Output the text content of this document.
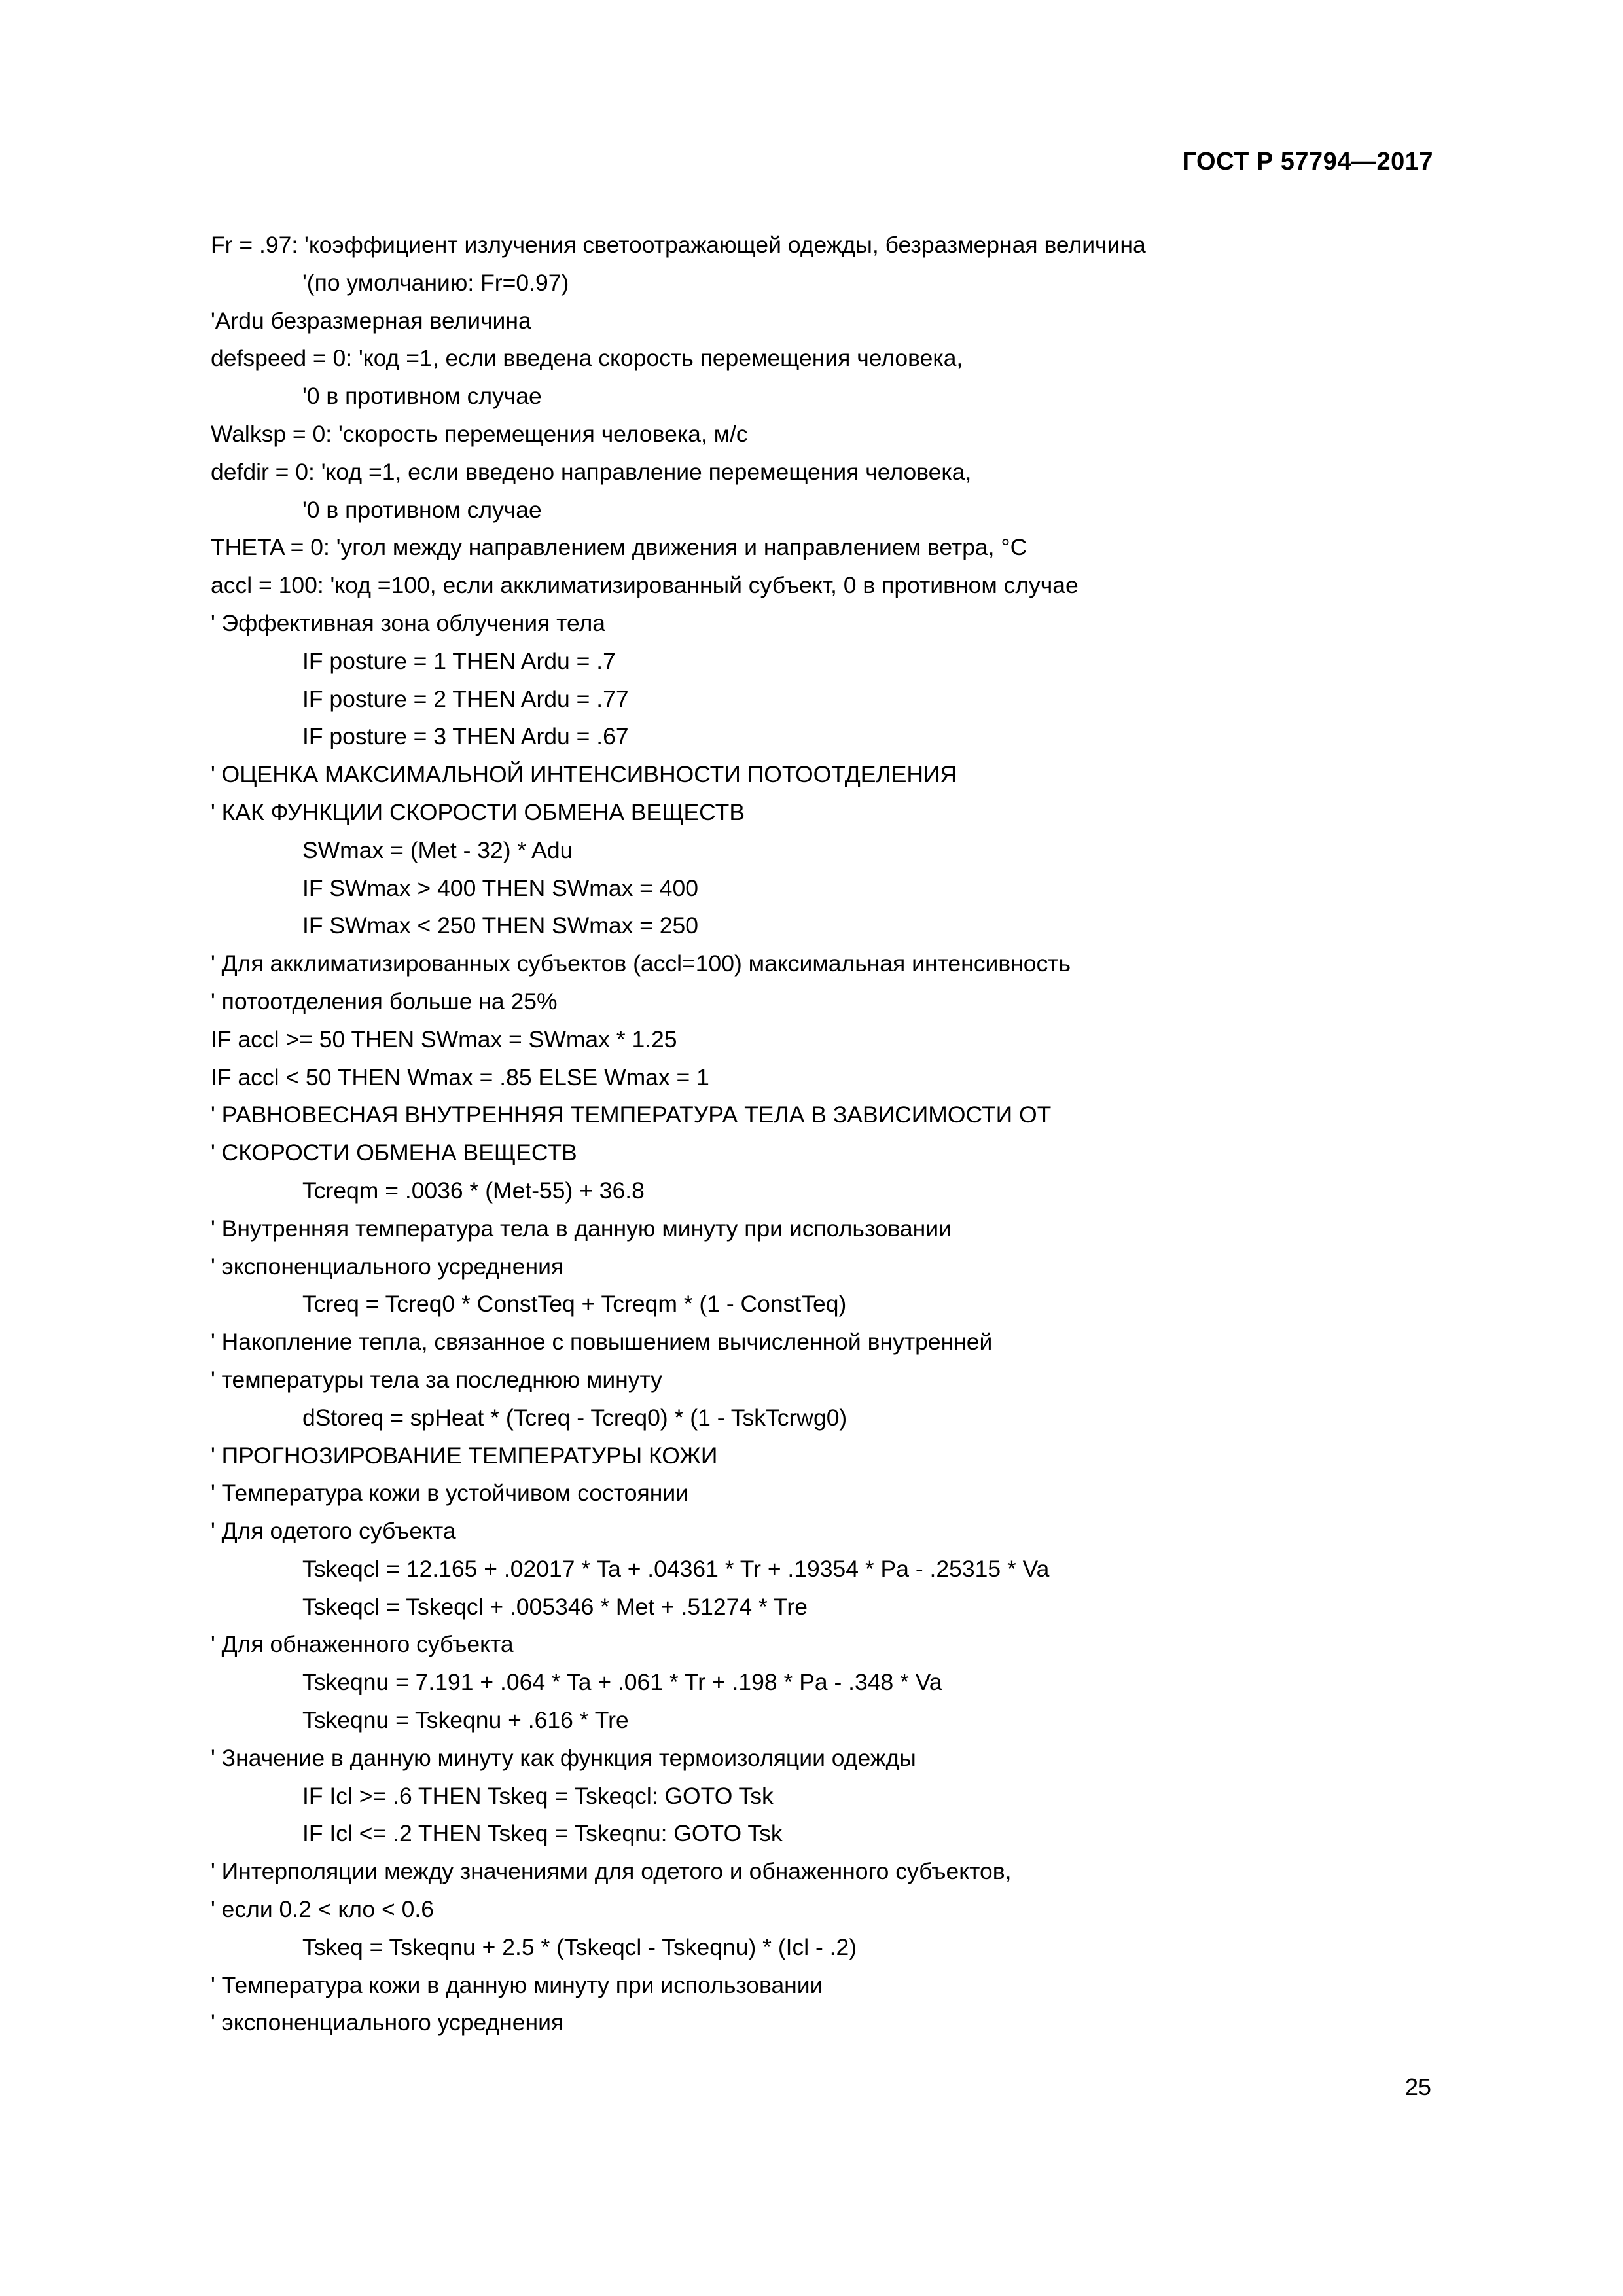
ГОСТ Р 57794—2017
Fr = .97: 'коэффициент излучения светоотражающей одежды, безразмерная величина
'(по умолчанию: Fr=0.97)
'Ardu безразмерная величина
defspeed = 0: 'код =1, если введена скорость перемещения человека,
'0 в противном случае
Walksp = 0: 'скорость перемещения человека, м/с
defdir = 0: 'код =1, если введено направление перемещения человека,
'0 в противном случае
THETA = 0: 'угол между направлением движения и направлением ветра, °C
accl = 100: 'код =100, если акклиматизированный субъект, 0 в противном случае
' Эффективная зона облучения тела
IF posture = 1 THEN Ardu = .7
IF posture = 2 THEN Ardu = .77
IF posture = 3 THEN Ardu = .67
' ОЦЕНКА МАКСИМАЛЬНОЙ ИНТЕНСИВНОСТИ ПОТООТДЕЛЕНИЯ
' КАК ФУНКЦИИ СКОРОСТИ ОБМЕНА ВЕЩЕСТВ
SWmax = (Met - 32) * Adu
IF SWmax > 400 THEN SWmax = 400
IF SWmax < 250 THEN SWmax = 250
' Для акклиматизированных субъектов (accl=100) максимальная интенсивность
' потоотделения больше на 25%
IF accl >= 50 THEN SWmax = SWmax * 1.25
IF accl < 50 THEN Wmax = .85 ELSE Wmax = 1
' РАВНОВЕСНАЯ ВНУТРЕННЯЯ ТЕМПЕРАТУРА ТЕЛА В ЗАВИСИМОСТИ ОТ
' СКОРОСТИ ОБМЕНА ВЕЩЕСТВ
Tcreqm = .0036 * (Met-55) + 36.8
' Внутренняя температура тела в данную минуту при использовании
' экспоненциального усреднения
Tcreq = Tcreq0 * ConstTeq + Tcreqm * (1 - ConstTeq)
' Накопление тепла, связанное с повышением вычисленной внутренней
' температуры тела за последнюю минуту
dStoreq = spHeat * (Tcreq - Tcreq0) * (1 - TskTcrwg0)
' ПРОГНОЗИРОВАНИЕ ТЕМПЕРАТУРЫ КОЖИ
' Температура кожи в устойчивом состоянии
' Для одетого субъекта
Tskeqcl = 12.165 + .02017 * Ta + .04361 * Tr + .19354 * Pa - .25315 * Va
Tskeqcl = Tskeqcl + .005346 * Met + .51274 * Tre
' Для обнаженного субъекта
Tskeqnu = 7.191 + .064 * Ta + .061 * Tr + .198 * Pa - .348 * Va
Tskeqnu = Tskeqnu + .616 * Tre
' Значение в данную минуту как функция термоизоляции одежды
IF Icl >= .6 THEN Tskeq = Tskeqcl: GOTO Tsk
IF Icl <= .2 THEN Tskeq = Tskeqnu: GOTO Tsk
' Интерполяции между значениями для одетого и обнаженного субъектов,
' если 0.2 < кло < 0.6
Tskeq = Tskeqnu + 2.5 * (Tskeqcl - Tskeqnu) * (Icl - .2)
' Температура кожи в данную минуту при использовании
' экспоненциального усреднения
25
